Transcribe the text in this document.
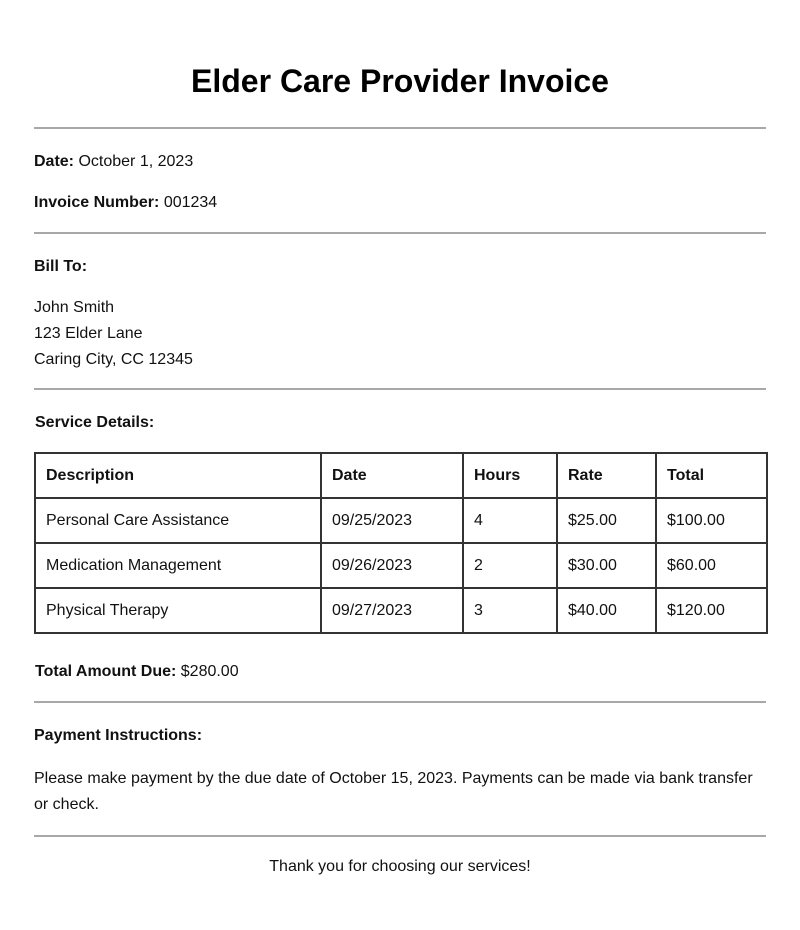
Elder Care Provider Invoice
Date: October 1, 2023
Invoice Number: 001234
Bill To:
John Smith
123 Elder Lane
Caring City, CC 12345
Service Details:
Description	Date	Hours	Rate	Total
Personal Care Assistance	09/25/2023	4	$25.00	$100.00
Medication Management	09/26/2023	2	$30.00	$60.00
Physical Therapy	09/27/2023	3	$40.00	$120.00
Total Amount Due: $280.00
Payment Instructions:
Please make payment by the due date of October 15, 2023. Payments can be made via bank transfer or check.
Thank you for choosing our services!
